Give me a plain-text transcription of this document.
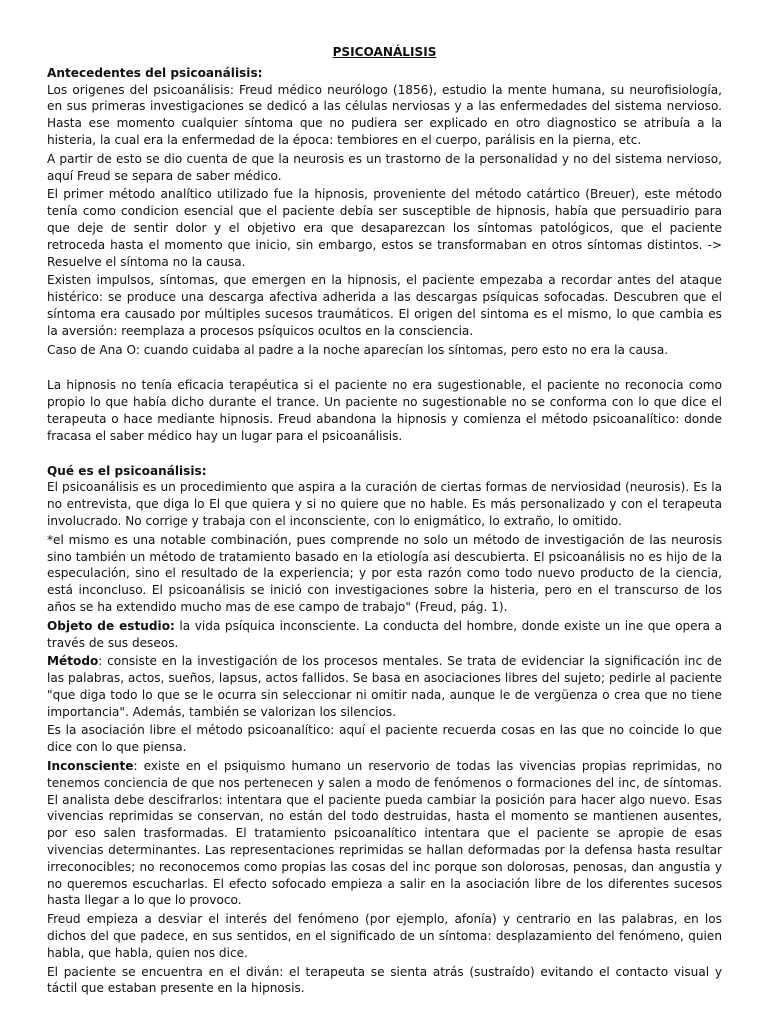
PSICOANÁLISIS
Antecedentes del psicoanálisis:

Los origenes del psicoanálisis: Freud médico neurólogo (1856), estudio la mente humana, su neurofisiología, en sus primeras investigaciones se dedicó a las células nerviosas y a las enfermedades del sistema nervioso. Hasta ese momento cualquier síntoma que no pudiera ser explicado en otro diagnostico se atribuía a la histeria, la cual era la enfermedad de la época: tembiores en el cuerpo, parálisis en la pierna, etc.

A partir de esto se dio cuenta de que la neurosis es un trastorno de la personalidad y no del sistema nervioso, aquí Freud se separa de saber médico.

El primer método analítico utilizado fue la hipnosis, proveniente del método catártico (Breuer), este método tenía como condicion esencial que el paciente debía ser susceptible de hipnosis, había que persuadirio para que deje de sentir dolor y el objetivo era que desaparezcan los síntomas patológicos, que el paciente retroceda hasta el momento que inicio, sin embargo, estos se transformaban en otros síntomas distintos. -> Resuelve el síntoma no la causa.

Existen impulsos, síntomas, que emergen en la hipnosis, el paciente empezaba a recordar antes del ataque histérico: se produce una descarga afectiva adherida a las descargas psíquicas sofocadas. Descubren que el síntoma era causado por múltiples sucesos traumáticos. El origen del sintoma es el mismo, lo que cambia es la aversión: reemplaza a procesos psíquicos ocultos en la consciencia.

Caso de Ana O: cuando cuidaba al padre a la noche aparecían los síntomas, pero esto no era la causa.

La hipnosis no tenía eficacia terapéutica si el paciente no era sugestionable, el paciente no reconocia como propio lo que había dicho durante el trance. Un paciente no sugestionable no se conforma con lo que dice el terapeuta o hace mediante hipnosis. Freud abandona la hipnosis y comienza el método psicoanalítico: donde fracasa el saber médico hay un lugar para el psicoanálisis.

Qué es el psicoanálisis:

El psicoanálisis es un procedimiento que aspira a la curación de ciertas formas de nerviosidad (neurosis). Es la no entrevista, que diga lo El que quiera y si no quiere que no hable. Es más personalizado y con el terapeuta involucrado. No corrige y trabaja con el inconsciente, con lo enigmático, lo extraño, lo omitido.

*el mismo es una notable combinación, pues comprende no solo un método de investigación de las neurosis sino también un método de tratamiento basado en la etiología asi descubierta. El psicoanálisis no es hijo de la especulación, sino el resultado de la experiencia; y por esta razón como todo nuevo producto de la ciencia, está inconcluso. El psicoanálisis se inició con investigaciones sobre la histeria, pero en el transcurso de los años se ha extendido mucho mas de ese campo de trabajo" (Freud, pág. 1).

Objeto de estudio: la vida psíquica inconsciente. La conducta del hombre, donde existe un ine que opera a través de sus deseos.

Método: consiste en la investigación de los procesos mentales. Se trata de evidenciar la significación inc de las palabras, actos, sueños, lapsus, actos fallidos. Se basa en asociaciones libres del sujeto; pedirle al paciente "que diga todo lo que se le ocurra sin seleccionar ni omitir nada, aunque le de vergüenza o crea que no tiene importancia". Además, también se valorizan los silencios.

Es la asociación libre el método psicoanalítico: aquí el paciente recuerda cosas en las que no coincide lo que dice con lo que piensa.

Inconsciente: existe en el psiquismo humano un reservorio de todas las vivencias propias reprimidas, no tenemos conciencia de que nos pertenecen y salen a modo de fenómenos o formaciones del inc, de síntomas. El analista debe descifrarlos: intentara que el paciente pueda cambiar la posición para hacer algo nuevo. Esas vivencias reprimidas se conservan, no están del todo destruidas, hasta el momento se mantienen ausentes, por eso salen trasformadas. El tratamiento psicoanalítico intentara que el paciente se apropie de esas vivencias determinantes. Las representaciones reprimidas se hallan deformadas por la defensa hasta resultar irreconocibles; no reconocemos como propias las cosas del inc porque son dolorosas, penosas, dan angustia y no queremos escucharlas. El efecto sofocado empieza a salir en la asociación libre de los diferentes sucesos hasta llegar a lo que lo provoco.

Freud empieza a desviar el interés del fenómeno (por ejemplo, afonía) y centrario en las palabras, en los dichos del que padece, en sus sentidos, en el significado de un síntoma: desplazamiento del fenómeno, quien habla, que habla, quien nos dice.

El paciente se encuentra en el diván: el terapeuta se sienta atrás (sustraído) evitando el contacto visual y táctil que estaban presente en la hipnosis.
